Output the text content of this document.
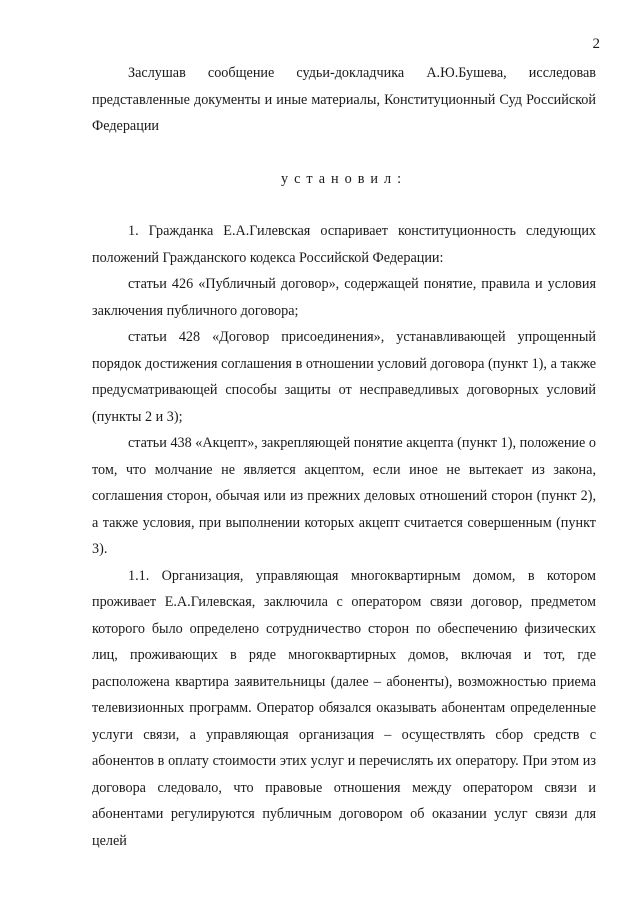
2

Заслушав сообщение судьи-докладчика А.Ю.Бушева, исследовав представленные документы и иные материалы, Конституционный Суд Российской Федерации

установил:

1. Гражданка Е.А.Гилевская оспаривает конституционность следующих положений Гражданского кодекса Российской Федерации:

статьи 426 «Публичный договор», содержащей понятие, правила и условия заключения публичного договора;

статьи 428 «Договор присоединения», устанавливающей упрощенный порядок достижения соглашения в отношении условий договора (пункт 1), а также предусматривающей способы защиты от несправедливых договорных условий (пункты 2 и 3);

статьи 438 «Акцепт», закрепляющей понятие акцепта (пункт 1), положение о том, что молчание не является акцептом, если иное не вытекает из закона, соглашения сторон, обычая или из прежних деловых отношений сторон (пункт 2), а также условия, при выполнении которых акцепт считается совершенным (пункт 3).

1.1. Организация, управляющая многоквартирным домом, в котором проживает Е.А.Гилевская, заключила с оператором связи договор, предметом которого было определено сотрудничество сторон по обеспечению физических лиц, проживающих в ряде многоквартирных домов, включая и тот, где расположена квартира заявительницы (далее – абоненты), возможностью приема телевизионных программ. Оператор обязался оказывать абонентам определенные услуги связи, а управляющая организация – осуществлять сбор средств с абонентов в оплату стоимости этих услуг и перечислять их оператору. При этом из договора следовало, что правовые отношения между оператором связи и абонентами регулируются публичным договором об оказании услуг связи для целей
